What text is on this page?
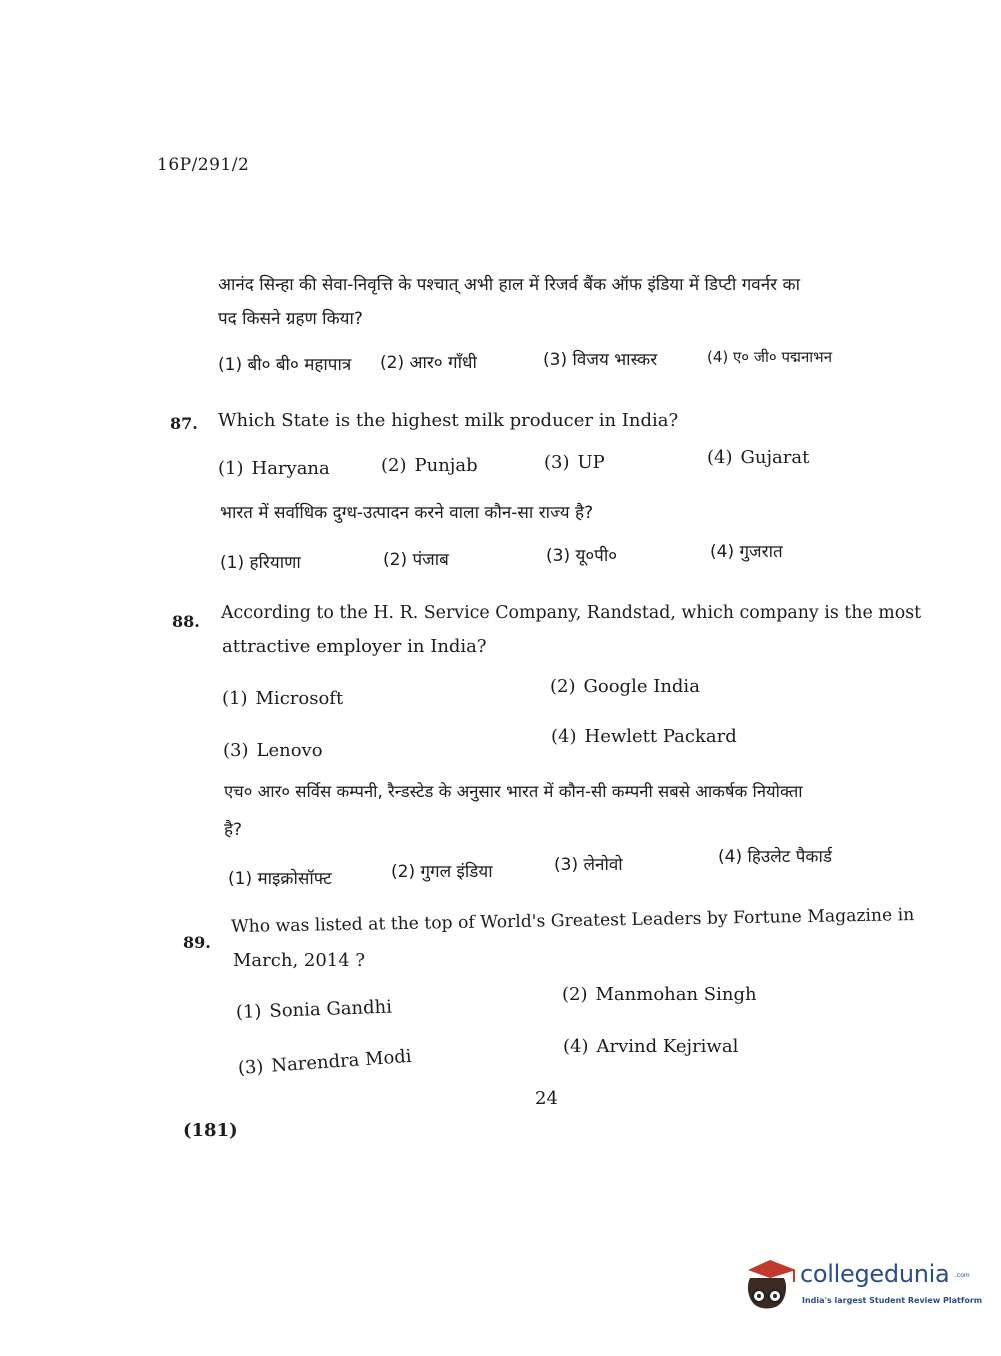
16P/291/2
आनंद सिन्हा की सेवा-निवृत्ति के पश्चात् अभी हाल में रिजर्व बैंक ऑफ इंडिया में डिप्टी गवर्नर का
पद किसने ग्रहण किया?
(1) बी० बी० महापात्र (2) आर० गाँधी	(3) विजय भास्कर	(4) ए० जी० पद्मनाभन
87. Which State is the highest milk producer in India?
(1) Haryana	(2) Punjab	(3) UP	(4) Gujarat
भारत में सर्वाधिक दुग्ध-उत्पादन करने वाला कौन-सा राज्य है?
(1) हरियाणा	(2) पंजाब	(3) यू०पी०	(4) गुजरात
88. According to the H. R. Service Company, Randstad, which company is the most
attractive employer in India?
(1) Microsoft
(2) Google India
(3) Lenovo
(4) Hewlett Packard
एच० आर० सर्विस कम्पनी, रैन्डस्टेड के अनुसार भारत में कौन-सी कम्पनी सबसे आकर्षक नियोक्ता
है?
(1) माइक्रोसॉफ्ट	(2) गुगल इंडिया	(3) लेनोवो	(4) हिउलेट पैकार्ड
89.
Who was listed at the top of World's Greatest Leaders by Fortune Magazine in
March, 2014 ?
(1) Sonia Gandhi
(2) Manmohan Singh
(3) Narendra Modi	(4) Arvind Kejriwal
24
(181)
collegedunia .com
India's largest Student Review Platform
